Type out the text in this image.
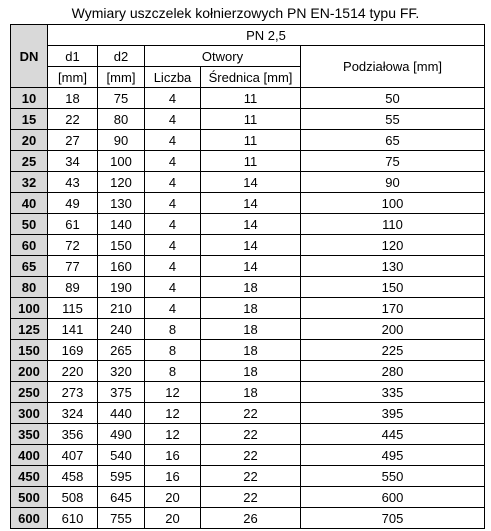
Wymiary uszczelek kołnierzowych PN EN-1514 typu FF.
DN	PN 2,5				
	d1	d2	Otwory		Podziałowa [mm]
	[mm]	[mm]	Liczba	Średnica [mm]	
10	18	75	4	11	50
15	22	80	4	11	55
20	27	90	4	11	65
25	34	100	4	11	75
32	43	120	4	14	90
40	49	130	4	14	100
50	61	140	4	14	110
60	72	150	4	14	120
65	77	160	4	14	130
80	89	190	4	18	150
100	115	210	4	18	170
125	141	240	8	18	200
150	169	265	8	18	225
200	220	320	8	18	280
250	273	375	12	18	335
300	324	440	12	22	395
350	356	490	12	22	445
400	407	540	16	22	495
450	458	595	16	22	550
500	508	645	20	22	600
600	610	755	20	26	705
